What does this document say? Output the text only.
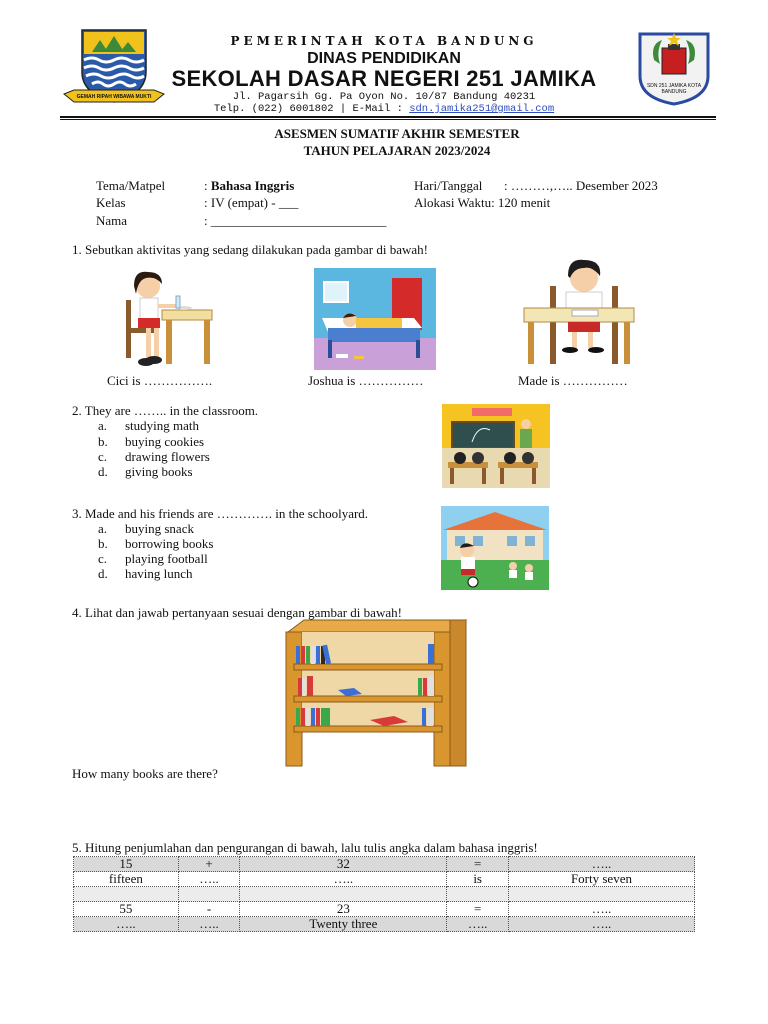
GEMAH RIPAH WIBAWA MUKTI
SDN 251 JAMIKA KOTA BANDUNG
PEMERINTAH KOTA BANDUNG
DINAS PENDIDIKAN
SEKOLAH DASAR NEGERI 251 JAMIKA
Jl. Pagarsih Gg. Pa Oyon No. 10/87 Bandung 40231
Telp. (022) 6001802 | E-Mail : sdn.jamika251@gmail.com
ASESMEN SUMATIF AKHIR SEMESTER
TAHUN PELAJARAN 2023/2024
Tema/Matpel	: Bahasa Inggris
Kelas	: IV (empat) - ___
Nama	: ___________________________
Hari/Tanggal : ………,….. Desember 2023
Alokasi Waktu: 120 menit
1. Sebutkan aktivitas yang sedang dilakukan pada gambar di bawah!
Cici is …………….	Joshua is ……………	Made is ……………
2. They are …….. in the classroom.
a. studying math
b. buying cookies
c. drawing flowers
d. giving books
3. Made and his friends are …………. in the schoolyard.
a. buying snack
b. borrowing books
c. playing football
d. having lunch
4. Lihat dan jawab pertanyaan sesuai dengan gambar di bawah!
How many books are there?
5. Hitung penjumlahan dan pengurangan di bawah, lalu tulis angka dalam bahasa inggris!
15	+	32	=	…..
fifteen	…..	…..	is	Forty seven

55	-	23	=	…..
…..	…..	Twenty three	…..	…..
